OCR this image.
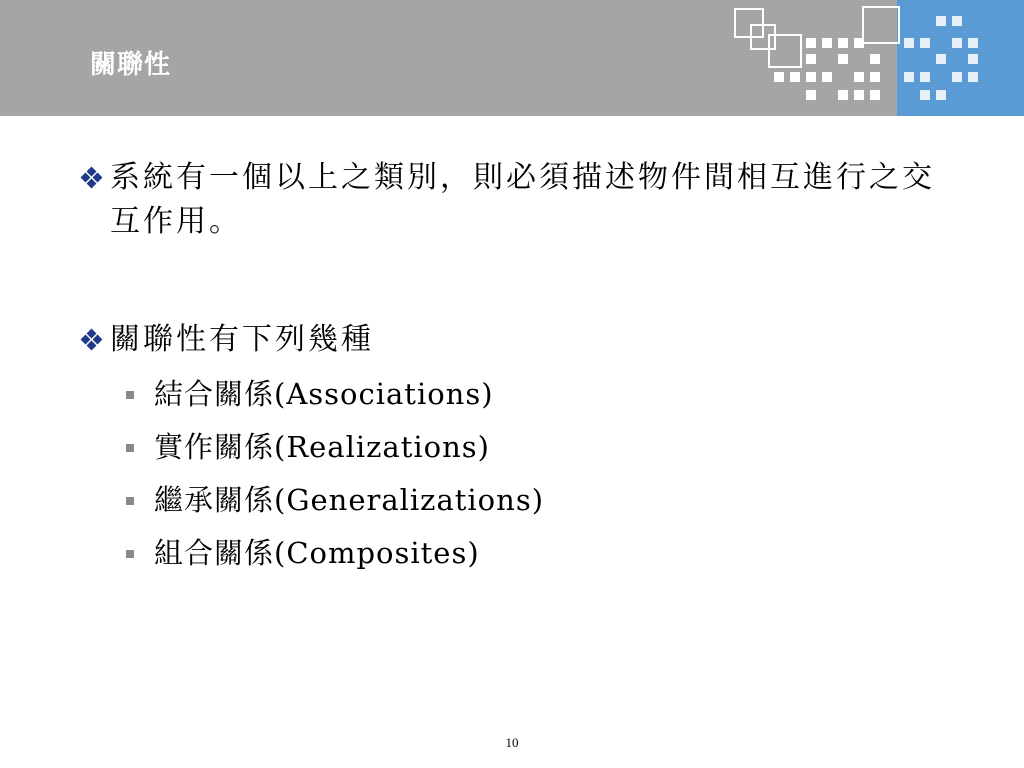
關聯性
系統有一個以上之類別，則必須描述物件間相互進行之交互作用。
關聯性有下列幾種
結合關係(Associations)
實作關係(Realizations)
繼承關係(Generalizations)
組合關係(Composites)
10
